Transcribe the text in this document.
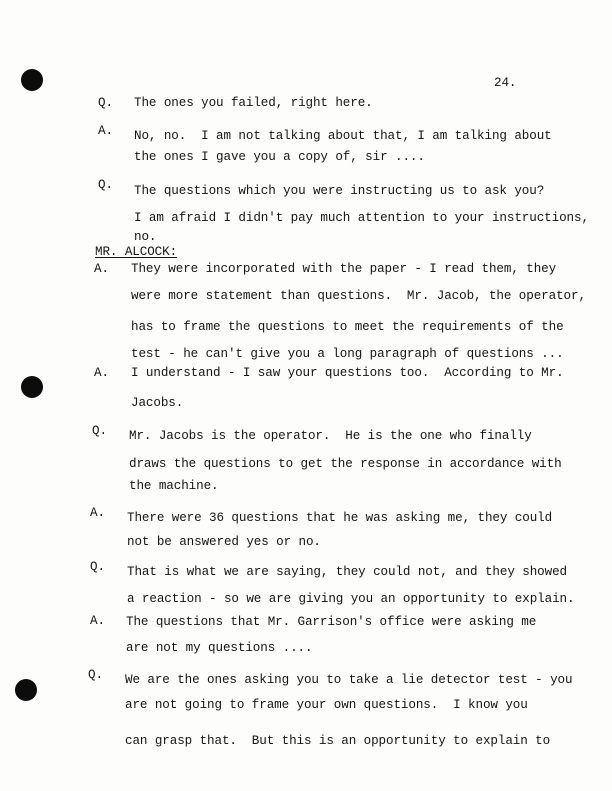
24.
Q. The ones you failed, right here.
A. No, no.  I am not talking about that, I am talking about
the ones I gave you a copy of, sir ....
Q. The questions which you were instructing us to ask you?
I am afraid I didn't pay much attention to your instructions,
no.
MR. ALCOCK:
A. They were incorporated with the paper - I read them, they
were more statement than questions.  Mr. Jacob, the operator,
has to frame the questions to meet the requirements of the
test - he can't give you a long paragraph of questions ...
A. I understand - I saw your questions too.  According to Mr.
Jacobs.
Q. Mr. Jacobs is the operator.  He is the one who finally
draws the questions to get the response in accordance with
the machine.
A. There were 36 questions that he was asking me, they could
not be answered yes or no.
Q. That is what we are saying, they could not, and they showed
a reaction - so we are giving you an opportunity to explain.
A. The questions that Mr. Garrison's office were asking me
are not my questions ....
Q. We are the ones asking you to take a lie detector test - you
are not going to frame your own questions.  I know you
can grasp that.  But this is an opportunity to explain to
